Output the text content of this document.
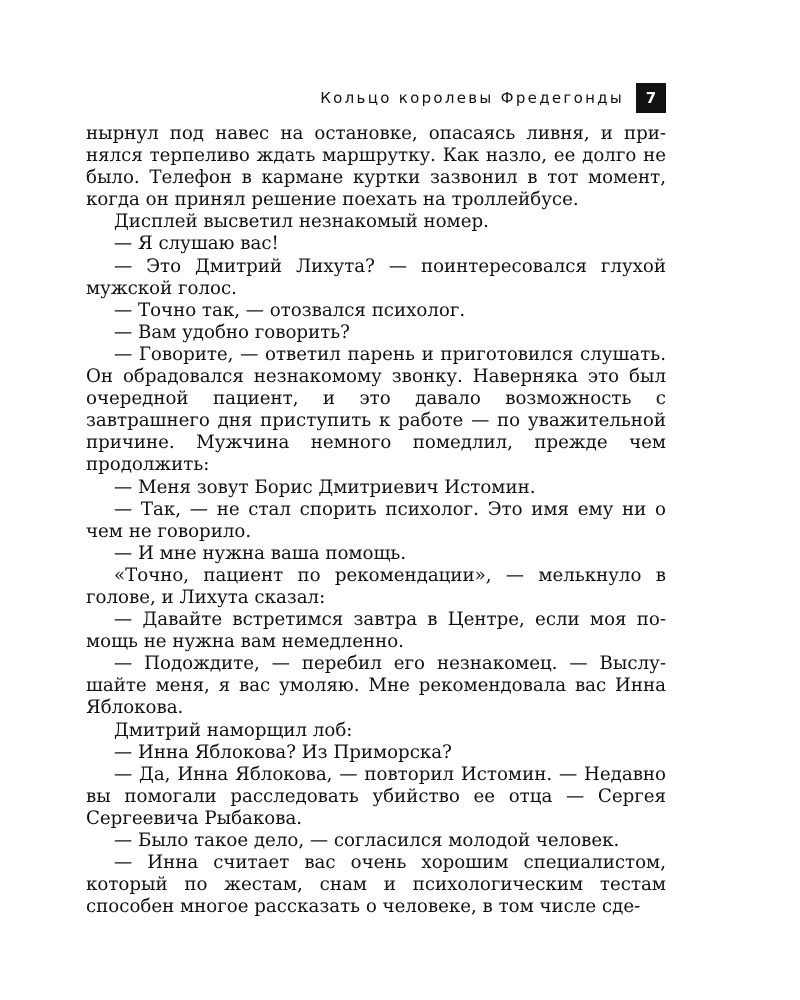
Кольцо королевы Фредегонды	7

нырнул под навес на остановке, опасаясь ливня, и принялся терпеливо ждать маршрутку. Как назло, ее долго не было. Телефон в кармане куртки зазвонил в тот момент, когда он принял решение поехать на троллейбусе.

Дисплей высветил незнакомый номер.

— Я слушаю вас!

— Это Дмитрий Лихута? — поинтересовался глухой мужской голос.

— Точно так, — отозвался психолог.

— Вам удобно говорить?

— Говорите, — ответил парень и приготовился слушать. Он обрадовался незнакомому звонку. Наверняка это был очередной пациент, и это давало возможность с завтрашнего дня приступить к работе — по уважительной причине. Мужчина немного помедлил, прежде чем продолжить:

— Меня зовут Борис Дмитриевич Истомин.

— Так, — не стал спорить психолог. Это имя ему ни о чем не говорило.

— И мне нужна ваша помощь.

«Точно, пациент по рекомендации», — мелькнуло в голове, и Лихута сказал:

— Давайте встретимся завтра в Центре, если моя помощь не нужна вам немедленно.

— Подождите, — перебил его незнакомец. — Выслушайте меня, я вас умоляю. Мне рекомендовала вас Инна Яблокова.

Дмитрий наморщил лоб:

— Инна Яблокова? Из Приморска?

— Да, Инна Яблокова, — повторил Истомин. — Недавно вы помогали расследовать убийство ее отца — Сергея Сергеевича Рыбакова.

— Было такое дело, — согласился молодой человек.

— Инна считает вас очень хорошим специалистом, который по жестам, снам и психологическим тестам способен многое рассказать о человеке, в том числе сде-
